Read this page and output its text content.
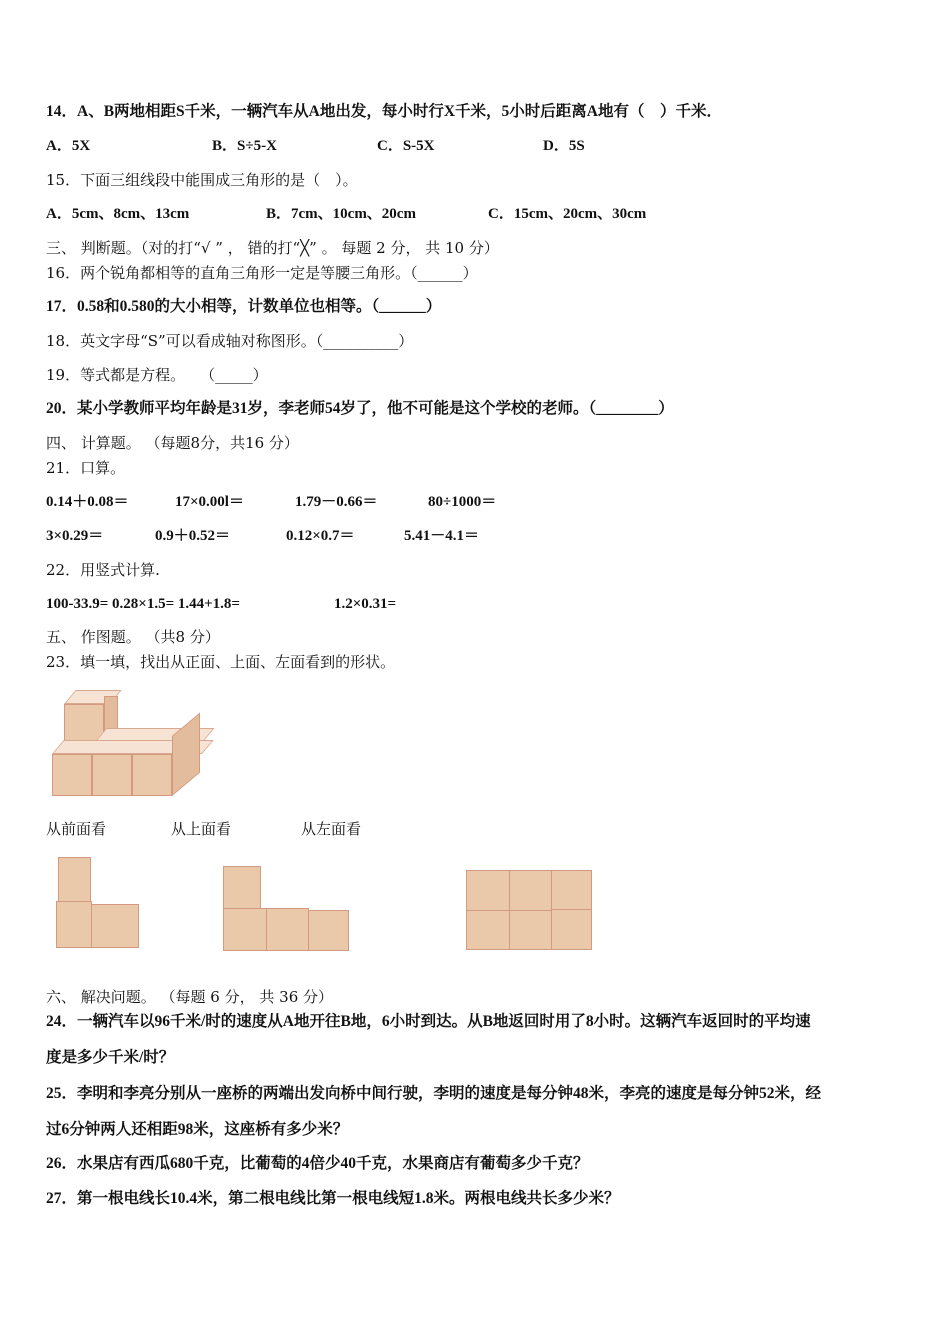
14．A、B两地相距S千米，一辆汽车从A地出发，每小时行X千米，5小时后距离A地有（　）千米．
A．5X	B．S÷5-X	C．S-5X	D．5S
15．下面三组线段中能围成三角形的是（　）。
A．5cm、8cm、13cm	B．7cm、10cm、20cm	C．15cm、20cm、30cm
三、 判断题。（对的打“√ ” ， 错的打“╳” 。 每题 2 分， 共 10 分）
16．两个锐角都相等的直角三角形一定是等腰三角形。（______）
17．0.58和0.580的大小相等，计数单位也相等。（______）
18．英文字母“S”可以看成轴对称图形。（__________）
19．等式都是方程。　　（_____）
20．某小学教师平均年龄是31岁，李老师54岁了，他不可能是这个学校的老师。（________）
四、 计算题。 （每题8分，共16 分）
21．口算。
0.14＋0.08＝	17×0.00l＝	1.79－0.66＝	80÷1000＝
3×0.29＝	0.9＋0.52＝	0.12×0.7＝	5.41－4.1＝
22．用竖式计算.
100-33.9= 0.28×1.5= 1.44+1.8=	1.2×0.31=
五、 作图题。 （共8 分）
23．填一填，找出从正面、上面、左面看到的形状。
从前面看	从上面看	从左面看
六、 解决问题。 （每题 6 分， 共 36 分）
24．一辆汽车以96千米/时的速度从A地开往B地，6小时到达。从B地返回时用了8小时。这辆汽车返回时的平均速
度是多少千米/时？
25．李明和李亮分别从一座桥的两端出发向桥中间行驶，李明的速度是每分钟48米，李亮的速度是每分钟52米，经
过6分钟两人还相距98米，这座桥有多少米？
26．水果店有西瓜680千克，比葡萄的4倍少40千克，水果商店有葡萄多少千克？
27．第一根电线长10.4米，第二根电线比第一根电线短1.8米。两根电线共长多少米？
